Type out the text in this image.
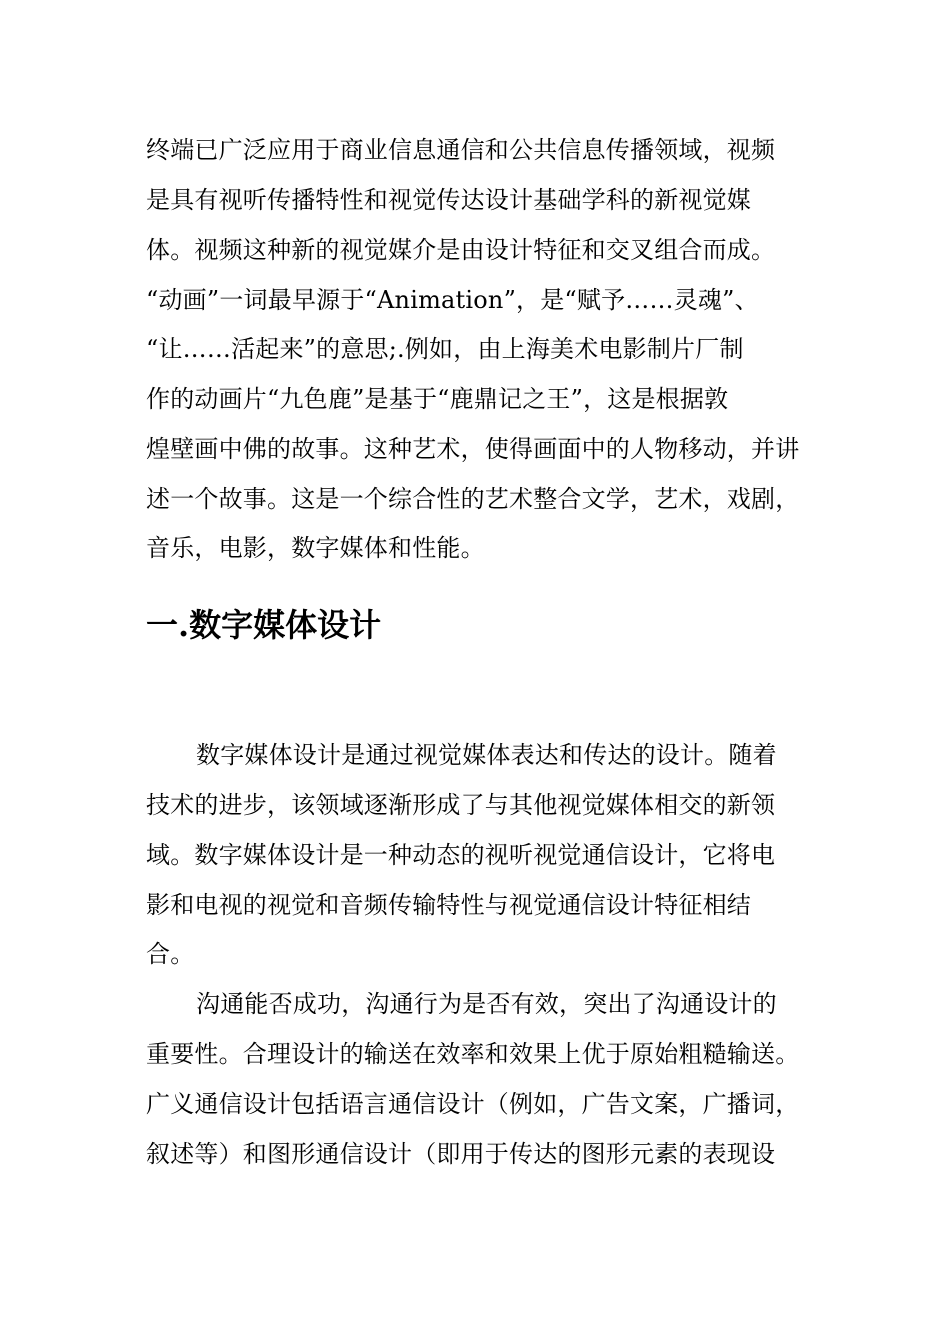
终端已广泛应用于商业信息通信和公共信息传播领域，视频
是具有视听传播特性和视觉传达设计基础学科的新视觉媒
体。视频这种新的视觉媒介是由设计特征和交叉组合而成。
“动画”一词最早源于“Animation”，是“赋予……灵魂”、
“让……活起来”的意思;.例如，由上海美术电影制片厂制
作的动画片“九色鹿”是基于“鹿鼎记之王”，这是根据敦
煌壁画中佛的故事。这种艺术，使得画面中的人物移动，并讲
述一个故事。这是一个综合性的艺术整合文学，艺术，戏剧，
音乐，电影，数字媒体和性能。
一.数字媒体设计
数字媒体设计是通过视觉媒体表达和传达的设计。随着
技术的进步，该领域逐渐形成了与其他视觉媒体相交的新领
域。数字媒体设计是一种动态的视听视觉通信设计，它将电
影和电视的视觉和音频传输特性与视觉通信设计特征相结
合。
沟通能否成功，沟通行为是否有效，突出了沟通设计的
重要性。合理设计的输送在效率和效果上优于原始粗糙输送。
广义通信设计包括语言通信设计（例如，广告文案，广播词，
叙述等）和图形通信设计（即用于传达的图形元素的表现设
